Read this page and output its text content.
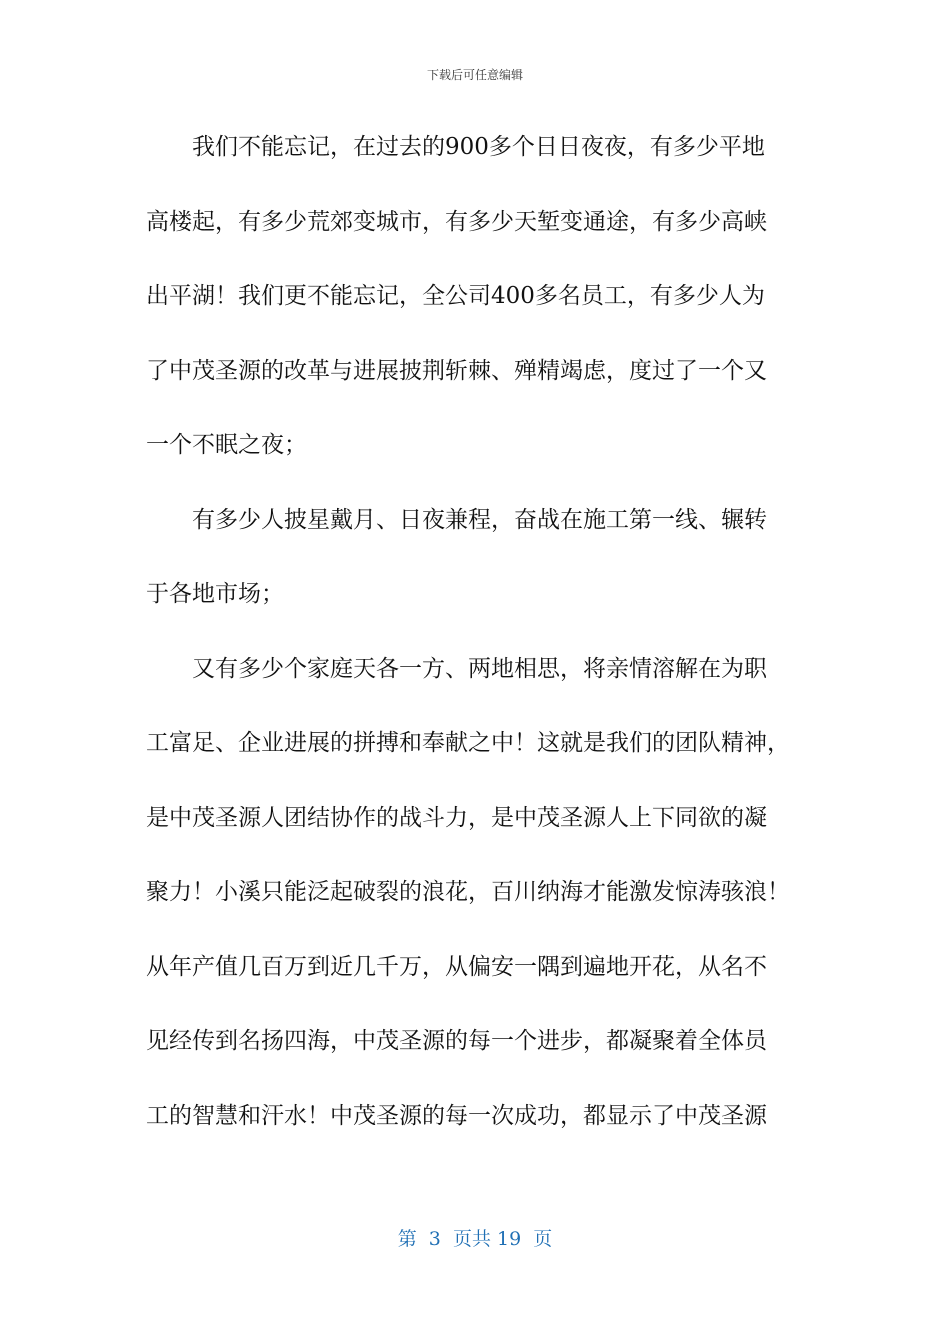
下载后可任意编辑
我们不能忘记，在过去的900多个日日夜夜，有多少平地
高楼起，有多少荒郊变城市，有多少天堑变通途，有多少高峡
出平湖！我们更不能忘记，全公司400多名员工，有多少人为
了中茂圣源的改革与进展披荆斩棘、殚精竭虑，度过了一个又
一个不眠之夜；
有多少人披星戴月、日夜兼程，奋战在施工第一线、辗转
于各地市场；
又有多少个家庭天各一方、两地相思，将亲情溶解在为职
工富足、企业进展的拼搏和奉献之中！这就是我们的团队精神，
是中茂圣源人团结协作的战斗力，是中茂圣源人上下同欲的凝
聚力！小溪只能泛起破裂的浪花，百川纳海才能激发惊涛骇浪！
从年产值几百万到近几千万，从偏安一隅到遍地开花，从名不
见经传到名扬四海，中茂圣源的每一个进步，都凝聚着全体员
工的智慧和汗水！中茂圣源的每一次成功，都显示了中茂圣源
第  3  页共 19  页
